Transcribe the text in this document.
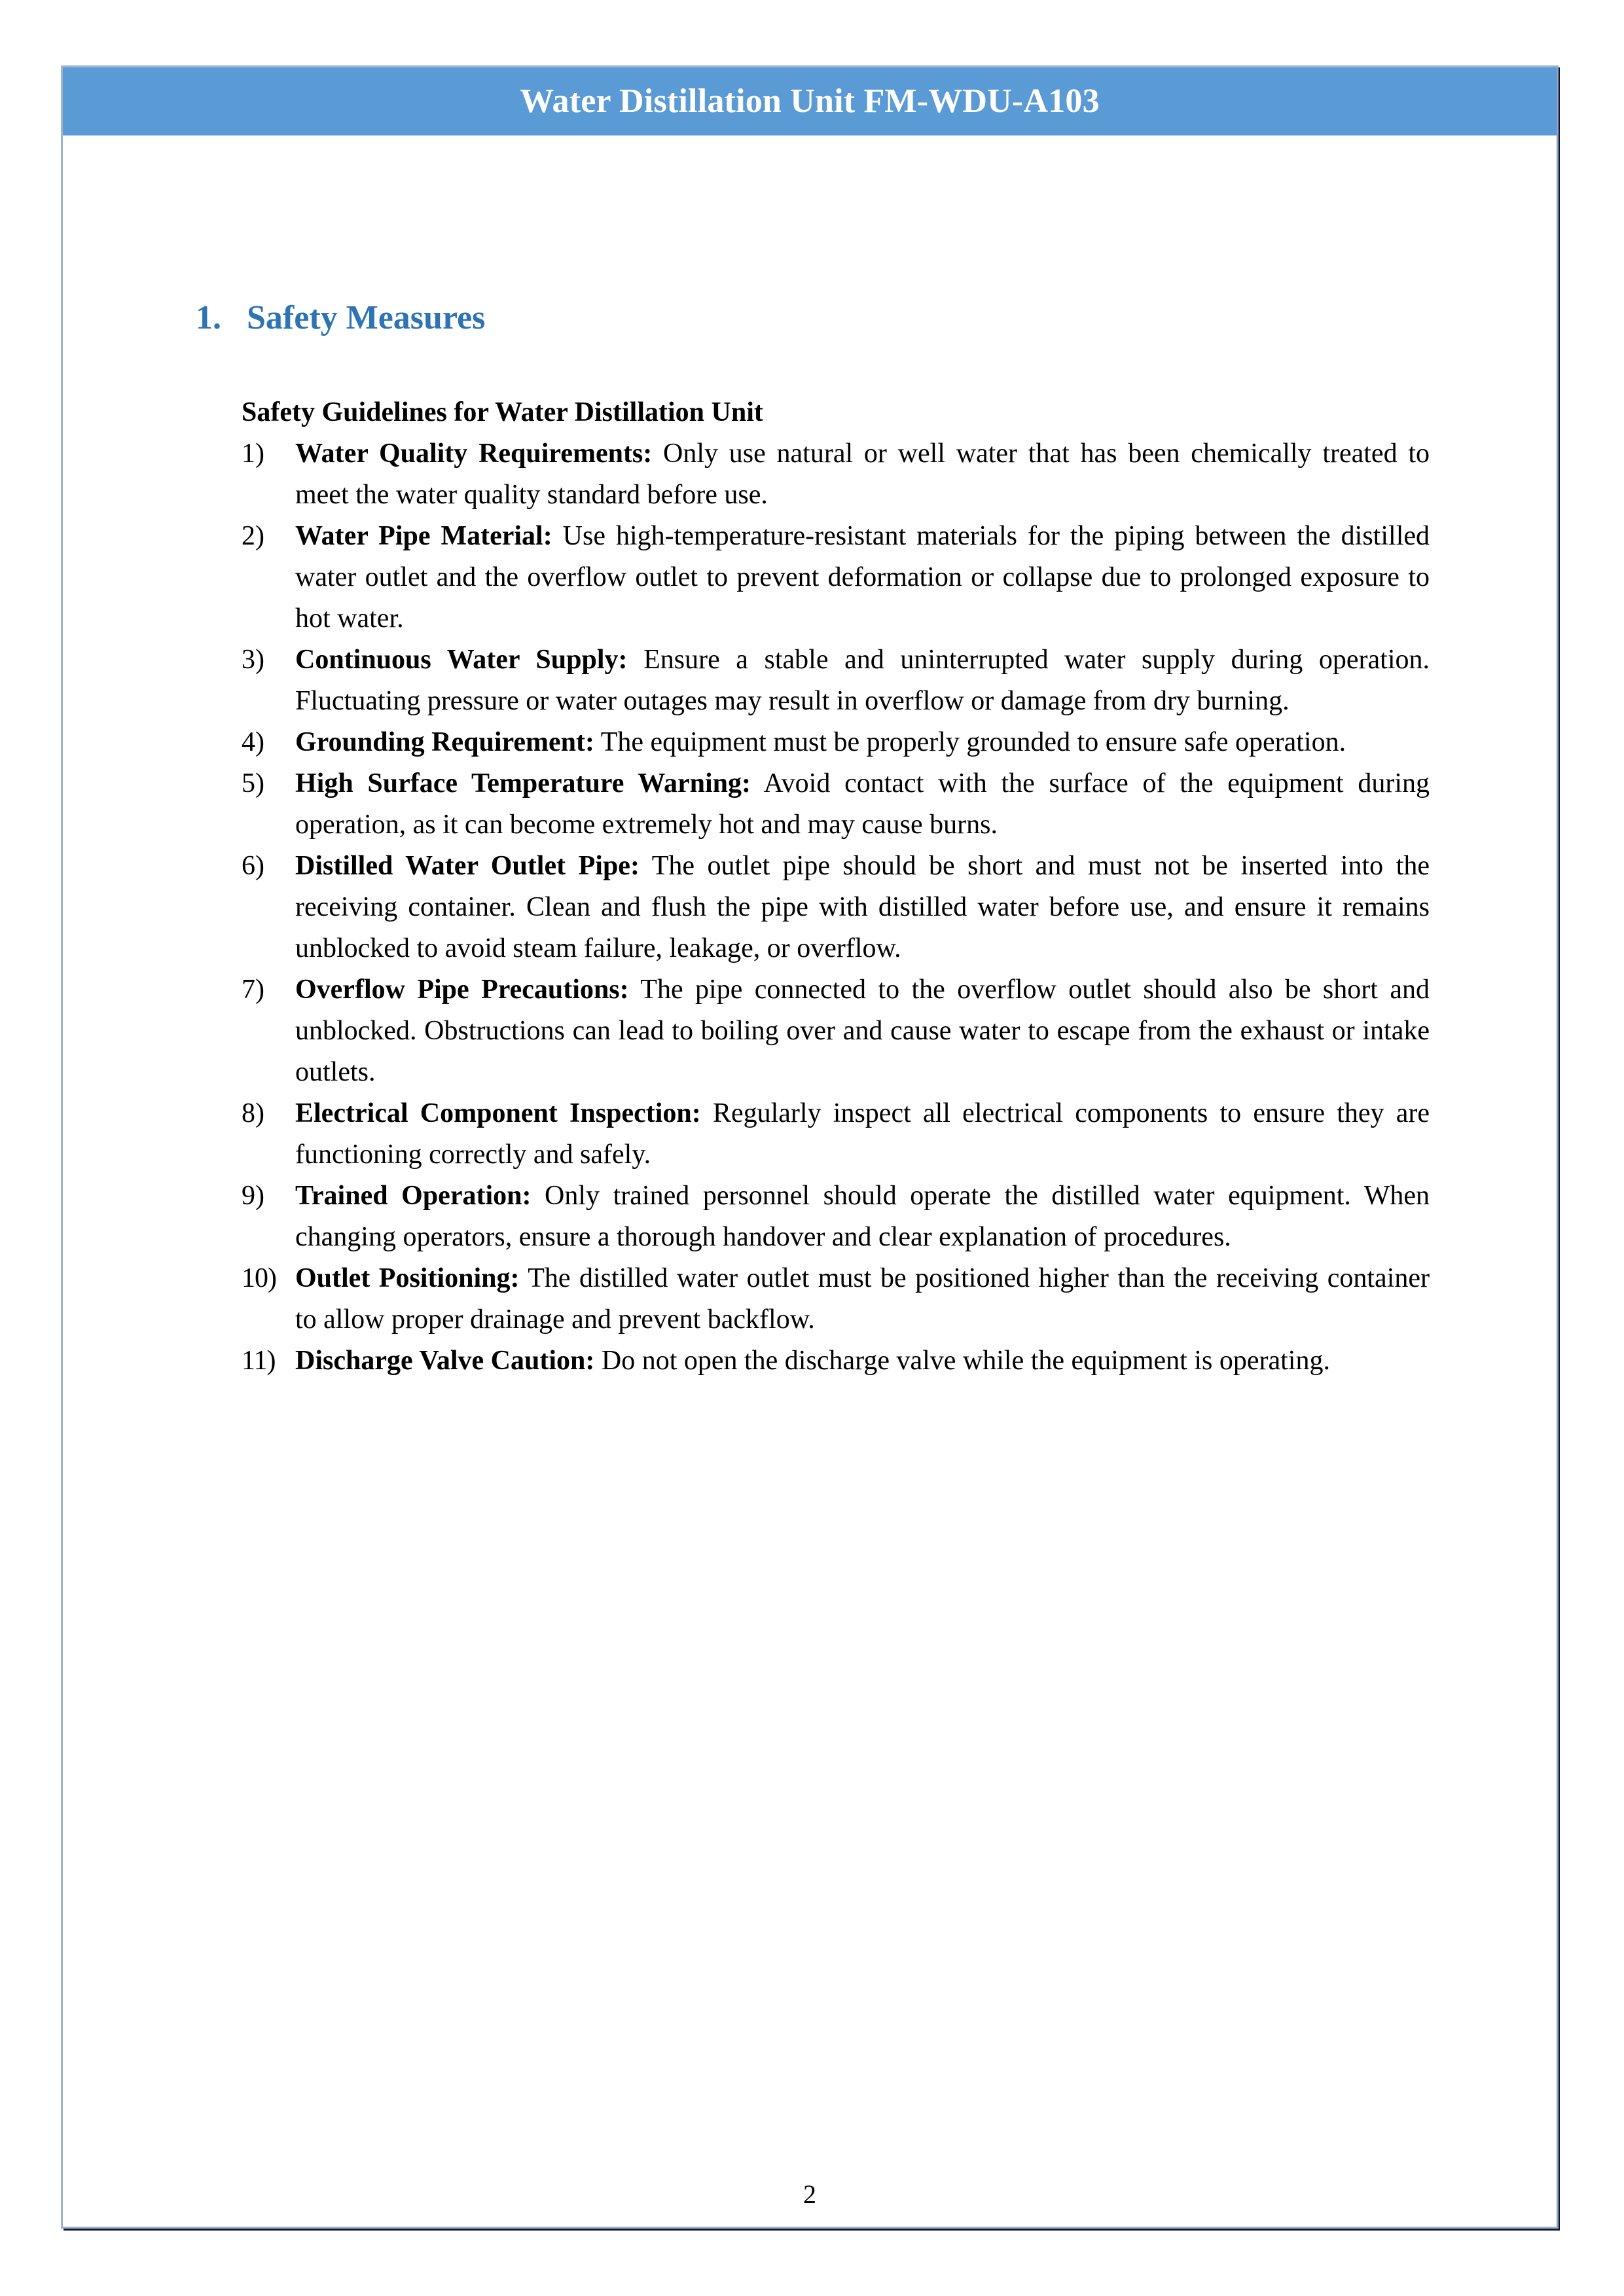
Water Distillation Unit FM-WDU-A103
1. Safety Measures

Safety Guidelines for Water Distillation Unit

1)	Water Quality Requirements: Only use natural or well water that has been chemically treated to meet the water quality standard before use.
2)	Water Pipe Material: Use high-temperature-resistant materials for the piping between the distilled water outlet and the overflow outlet to prevent deformation or collapse due to prolonged exposure to hot water.
3)	Continuous Water Supply: Ensure a stable and uninterrupted water supply during operation. Fluctuating pressure or water outages may result in overflow or damage from dry burning.
4)	Grounding Requirement: The equipment must be properly grounded to ensure safe operation.
5)	High Surface Temperature Warning: Avoid contact with the surface of the equipment during operation, as it can become extremely hot and may cause burns.
6)	Distilled Water Outlet Pipe: The outlet pipe should be short and must not be inserted into the receiving container. Clean and flush the pipe with distilled water before use, and ensure it remains unblocked to avoid steam failure, leakage, or overflow.
7)	Overflow Pipe Precautions: The pipe connected to the overflow outlet should also be short and unblocked. Obstructions can lead to boiling over and cause water to escape from the exhaust or intake outlets.
8)	Electrical Component Inspection: Regularly inspect all electrical components to ensure they are functioning correctly and safely.
9)	Trained Operation: Only trained personnel should operate the distilled water equipment. When changing operators, ensure a thorough handover and clear explanation of procedures.
10) Outlet Positioning: The distilled water outlet must be positioned higher than the receiving container to allow proper drainage and prevent backflow.
11) Discharge Valve Caution: Do not open the discharge valve while the equipment is operating.
2
